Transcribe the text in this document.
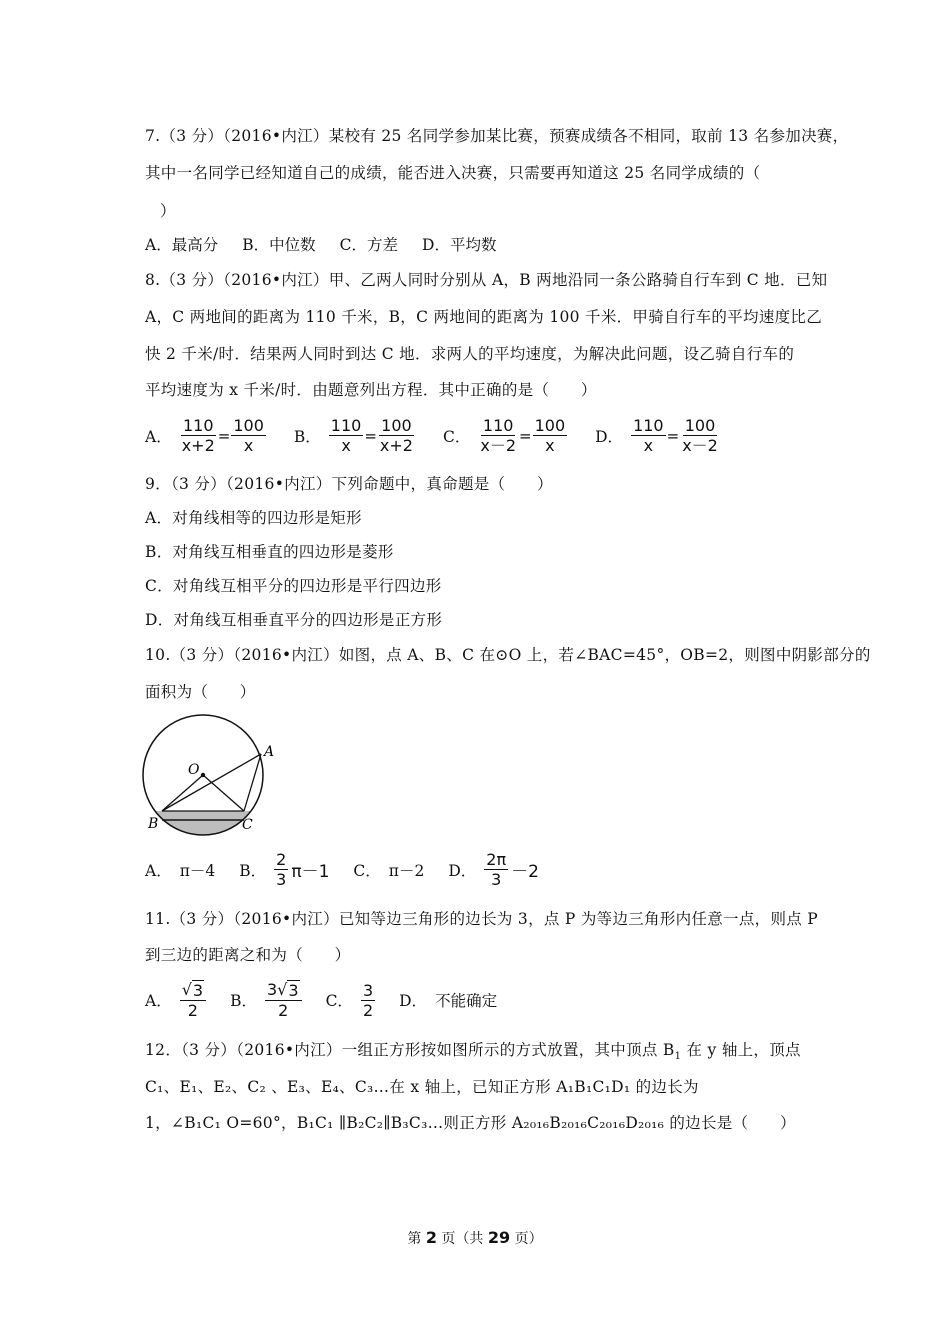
7.（3 分）（2016•内江）某校有 25 名同学参加某比赛，预赛成绩各不相同，取前 13 名参加决赛，
其中一名同学已经知道自己的成绩，能否进入决赛，只需要再知道这 25 名同学成绩的（
）
A． 最高分 B． 中位数 C． 方差 D． 平均数
8.（3 分）（2016•内江）甲、乙两人同时分别从 A，B 两地沿同一条公路骑自行车到 C 地．已知
A，C 两地间的距离为 110 千米，B，C 两地间的距离为 100 千米．甲骑自行车的平均速度比乙
快 2 千米/时．结果两人同时到达 C 地．求两人的平均速度，为解决此问题，设乙骑自行车的
平均速度为 x 千米/时．由题意列出方程．其中正确的是（　　）
A． $\frac{110}{x+2} = \frac{100}{x}$ B． $\frac{110}{x} = \frac{100}{x+2}$ C． $\frac{110}{x-2} = \frac{100}{x}$ D． $\frac{110}{x} = \frac{100}{x-2}$
9．（3 分）（2016•内江）下列命题中，真命题是（　　）
A．对角线相等的四边形是矩形
B．对角线互相垂直的四边形是菱形
C．对角线互相平分的四边形是平行四边形
D．对角线互相垂直平分的四边形是正方形
10.（3 分）（2016•内江）如图，点 A、B、C 在⊙O 上，若∠BAC=45°，OB=2，则图中阴影部分的
面积为（　　）
O
A
B	C
A． π－4 B． $\frac{2}{3} \pi-1$ C． π－2 D． $\frac{2\pi}{3} -2$
11.（3 分）（2016•内江）已知等边三角形的边长为 3，点 P 为等边三角形内任意一点，则点 P
到三边的距离之和为（　　）
A． $\frac{√ 3}{2}$ B． $\frac{3√ 3}{2}$ C． $\frac{3}{2}$ D． 不能确定
12．（3 分）（2016•内江）一组正方形按如图所示的方式放置，其中顶点 $B_1$ 在 y 轴上，顶点
C₁、E₁、E₂、C₂ 、E₃、E₄、C₃…在 x 轴上，已知正方形 A₁B₁C₁D₁ 的边长为
1，∠B₁C₁ O=60°，B₁C₁ ∥B₂C₂∥B₃C₃…则正方形 A₂₀₁₆B₂₀₁₆C₂₀₁₆D₂₀₁₆ 的边长是（　　）
第 2 页（共 29 页）
